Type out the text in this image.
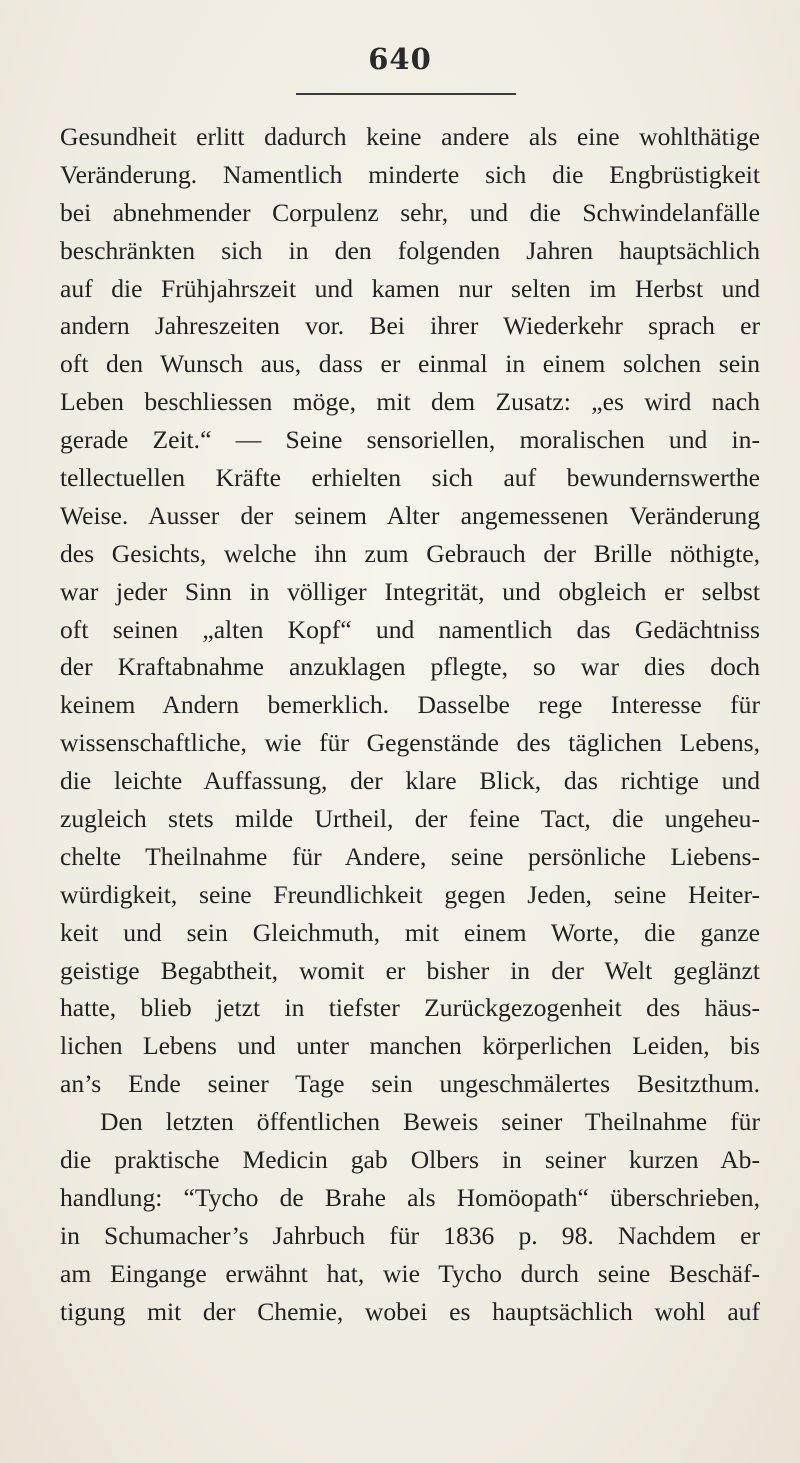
640
Gesundheit erlitt dadurch keine andere als eine wohlthätige
Veränderung. Namentlich minderte sich die Engbrüstigkeit
bei abnehmender Corpulenz sehr, und die Schwindelanfälle
beschränkten sich in den folgenden Jahren hauptsächlich
auf die Frühjahrszeit und kamen nur selten im Herbst und
andern Jahreszeiten vor. Bei ihrer Wiederkehr sprach er
oft den Wunsch aus, dass er einmal in einem solchen sein
Leben beschliessen möge, mit dem Zusatz: „es wird nach
gerade Zeit.“ — Seine sensoriellen, moralischen und in-
tellectuellen Kräfte erhielten sich auf bewundernswerthe
Weise. Ausser der seinem Alter angemessenen Veränderung
des Gesichts, welche ihn zum Gebrauch der Brille nöthigte,
war jeder Sinn in völliger Integrität, und obgleich er selbst
oft seinen „alten Kopf“ und namentlich das Gedächtniss
der Kraftabnahme anzuklagen pflegte, so war dies doch
keinem Andern bemerklich. Dasselbe rege Interesse für
wissenschaftliche, wie für Gegenstände des täglichen Lebens,
die leichte Auffassung, der klare Blick, das richtige und
zugleich stets milde Urtheil, der feine Tact, die ungeheu-
chelte Theilnahme für Andere, seine persönliche Liebens-
würdigkeit, seine Freundlichkeit gegen Jeden, seine Heiter-
keit und sein Gleichmuth, mit einem Worte, die ganze
geistige Begabtheit, womit er bisher in der Welt geglänzt
hatte, blieb jetzt in tiefster Zurückgezogenheit des häus-
lichen Lebens und unter manchen körperlichen Leiden, bis
an’s Ende seiner Tage sein ungeschmälertes Besitzthum.
Den letzten öffentlichen Beweis seiner Theilnahme für
die praktische Medicin gab Olbers in seiner kurzen Ab-
handlung: “Tycho de Brahe als Homöopath“ überschrieben,
in Schumacher’s Jahrbuch für 1836 p. 98. Nachdem er
am Eingange erwähnt hat, wie Tycho durch seine Beschäf-
tigung mit der Chemie, wobei es hauptsächlich wohl auf
